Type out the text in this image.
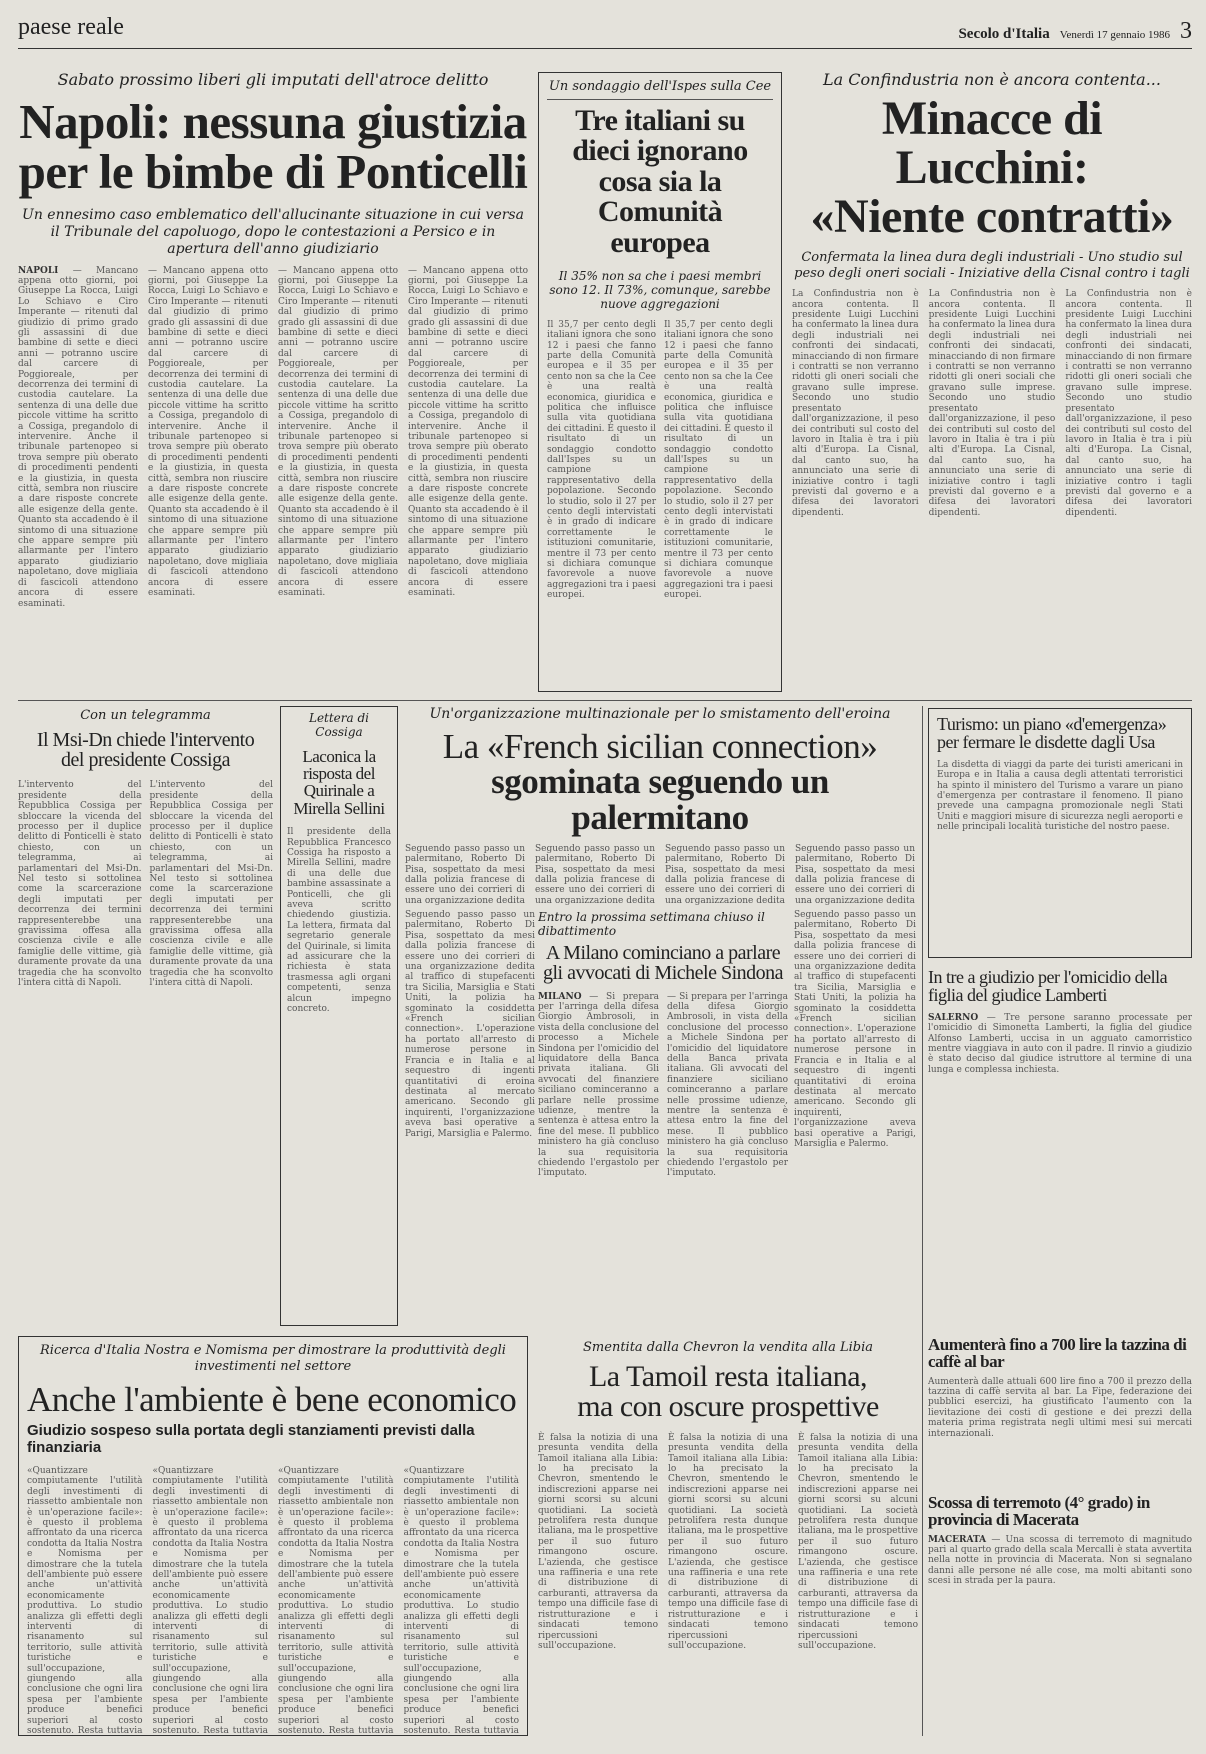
paese reale	Secolo d'Italia Venerdì 17 gennaio 1986 3
Sabato prossimo liberi gli imputati dell'atroce delitto
Napoli: nessuna giustizia
per le bimbe di Ponticelli
Un ennesimo caso emblematico dell'allucinante situazione in cui versa il Tribunale del capoluogo, dopo le contestazioni a Persico e in apertura dell'anno giudiziario
NAPOLI — Mancano appena otto giorni, poi Giuseppe La Rocca, Luigi Lo Schiavo e Ciro Imperante — ritenuti dal giudizio di primo grado gli assassini di due bambine di sette e dieci anni — potranno uscire dal carcere di Poggioreale, per decorrenza dei termini di custodia cautelare. La sentenza di una delle due piccole vittime ha scritto a Cossiga, pregandolo di intervenire. Anche il tribunale partenopeo si trova sempre più oberato di procedimenti pendenti e la giustizia, in questa città, sembra non riuscire a dare risposte concrete alle esigenze della gente. Quanto sta accadendo è il sintomo di una situazione che appare sempre più allarmante per l'intero apparato giudiziario napoletano, dove migliaia di fascicoli attendono ancora di essere esaminati.
— Mancano appena otto giorni, poi Giuseppe La Rocca, Luigi Lo Schiavo e Ciro Imperante — ritenuti dal giudizio di primo grado gli assassini di due bambine di sette e dieci anni — potranno uscire dal carcere di Poggioreale, per decorrenza dei termini di custodia cautelare. La sentenza di una delle due piccole vittime ha scritto a Cossiga, pregandolo di intervenire. Anche il tribunale partenopeo si trova sempre più oberato di procedimenti pendenti e la giustizia, in questa città, sembra non riuscire a dare risposte concrete alle esigenze della gente. Quanto sta accadendo è il sintomo di una situazione che appare sempre più allarmante per l'intero apparato giudiziario napoletano, dove migliaia di fascicoli attendono ancora di essere esaminati.
— Mancano appena otto giorni, poi Giuseppe La Rocca, Luigi Lo Schiavo e Ciro Imperante — ritenuti dal giudizio di primo grado gli assassini di due bambine di sette e dieci anni — potranno uscire dal carcere di Poggioreale, per decorrenza dei termini di custodia cautelare. La sentenza di una delle due piccole vittime ha scritto a Cossiga, pregandolo di intervenire. Anche il tribunale partenopeo si trova sempre più oberato di procedimenti pendenti e la giustizia, in questa città, sembra non riuscire a dare risposte concrete alle esigenze della gente. Quanto sta accadendo è il sintomo di una situazione che appare sempre più allarmante per l'intero apparato giudiziario napoletano, dove migliaia di fascicoli attendono ancora di essere esaminati.
— Mancano appena otto giorni, poi Giuseppe La Rocca, Luigi Lo Schiavo e Ciro Imperante — ritenuti dal giudizio di primo grado gli assassini di due bambine di sette e dieci anni — potranno uscire dal carcere di Poggioreale, per decorrenza dei termini di custodia cautelare. La sentenza di una delle due piccole vittime ha scritto a Cossiga, pregandolo di intervenire. Anche il tribunale partenopeo si trova sempre più oberato di procedimenti pendenti e la giustizia, in questa città, sembra non riuscire a dare risposte concrete alle esigenze della gente. Quanto sta accadendo è il sintomo di una situazione che appare sempre più allarmante per l'intero apparato giudiziario napoletano, dove migliaia di fascicoli attendono ancora di essere esaminati.
Un sondaggio dell'Ispes sulla Cee
Tre italiani su dieci ignorano cosa sia la Comunità europea
Il 35% non sa che i paesi membri sono 12. Il 73%, comunque, sarebbe nuove aggregazioni
Il 35,7 per cento degli italiani ignora che sono 12 i paesi che fanno parte della Comunità europea e il 35 per cento non sa che la Cee è una realtà economica, giuridica e politica che influisce sulla vita quotidiana dei cittadini. È questo il risultato di un sondaggio condotto dall'Ispes su un campione rappresentativo della popolazione. Secondo lo studio, solo il 27 per cento degli intervistati è in grado di indicare correttamente le istituzioni comunitarie, mentre il 73 per cento si dichiara comunque favorevole a nuove aggregazioni tra i paesi europei.
Il 35,7 per cento degli italiani ignora che sono 12 i paesi che fanno parte della Comunità europea e il 35 per cento non sa che la Cee è una realtà economica, giuridica e politica che influisce sulla vita quotidiana dei cittadini. È questo il risultato di un sondaggio condotto dall'Ispes su un campione rappresentativo della popolazione. Secondo lo studio, solo il 27 per cento degli intervistati è in grado di indicare correttamente le istituzioni comunitarie, mentre il 73 per cento si dichiara comunque favorevole a nuove aggregazioni tra i paesi europei.
La Confindustria non è ancora contenta...
Minacce di Lucchini:
«Niente contratti»
Confermata la linea dura degli industriali - Uno studio sul peso degli oneri sociali - Iniziative della Cisnal contro i tagli
La Confindustria non è ancora contenta. Il presidente Luigi Lucchini ha confermato la linea dura degli industriali nei confronti dei sindacati, minacciando di non firmare i contratti se non verranno ridotti gli oneri sociali che gravano sulle imprese. Secondo uno studio presentato dall'organizzazione, il peso dei contributi sul costo del lavoro in Italia è tra i più alti d'Europa. La Cisnal, dal canto suo, ha annunciato una serie di iniziative contro i tagli previsti dal governo e a difesa dei lavoratori dipendenti.
La Confindustria non è ancora contenta. Il presidente Luigi Lucchini ha confermato la linea dura degli industriali nei confronti dei sindacati, minacciando di non firmare i contratti se non verranno ridotti gli oneri sociali che gravano sulle imprese. Secondo uno studio presentato dall'organizzazione, il peso dei contributi sul costo del lavoro in Italia è tra i più alti d'Europa. La Cisnal, dal canto suo, ha annunciato una serie di iniziative contro i tagli previsti dal governo e a difesa dei lavoratori dipendenti.
La Confindustria non è ancora contenta. Il presidente Luigi Lucchini ha confermato la linea dura degli industriali nei confronti dei sindacati, minacciando di non firmare i contratti se non verranno ridotti gli oneri sociali che gravano sulle imprese. Secondo uno studio presentato dall'organizzazione, il peso dei contributi sul costo del lavoro in Italia è tra i più alti d'Europa. La Cisnal, dal canto suo, ha annunciato una serie di iniziative contro i tagli previsti dal governo e a difesa dei lavoratori dipendenti.
Con un telegramma
Il Msi-Dn chiede l'intervento del presidente Cossiga
L'intervento del presidente della Repubblica Cossiga per sbloccare la vicenda del processo per il duplice delitto di Ponticelli è stato chiesto, con un telegramma, ai parlamentari del Msi-Dn. Nel testo si sottolinea come la scarcerazione degli imputati per decorrenza dei termini rappresenterebbe una gravissima offesa alla coscienza civile e alle famiglie delle vittime, già duramente provate da una tragedia che ha sconvolto l'intera città di Napoli.
L'intervento del presidente della Repubblica Cossiga per sbloccare la vicenda del processo per il duplice delitto di Ponticelli è stato chiesto, con un telegramma, ai parlamentari del Msi-Dn. Nel testo si sottolinea come la scarcerazione degli imputati per decorrenza dei termini rappresenterebbe una gravissima offesa alla coscienza civile e alle famiglie delle vittime, già duramente provate da una tragedia che ha sconvolto l'intera città di Napoli.
Lettera di Cossiga
Laconica la risposta del Quirinale a Mirella Sellini
Il presidente della Repubblica Francesco Cossiga ha risposto a Mirella Sellini, madre di una delle due bambine assassinate a Ponticelli, che gli aveva scritto chiedendo giustizia. La lettera, firmata dal segretario generale del Quirinale, si limita ad assicurare che la richiesta è stata trasmessa agli organi competenti, senza alcun impegno concreto.
Un'organizzazione multinazionale per lo smistamento dell'eroina
La «French sicilian connection»
sgominata seguendo un palermitano
Seguendo passo passo un palermitano, Roberto Di Pisa, sospettato da mesi dalla polizia francese di essere uno dei corrieri di una organizzazione dedita
Seguendo passo passo un palermitano, Roberto Di Pisa, sospettato da mesi dalla polizia francese di essere uno dei corrieri di una organizzazione dedita
Seguendo passo passo un palermitano, Roberto Di Pisa, sospettato da mesi dalla polizia francese di essere uno dei corrieri di una organizzazione dedita
Seguendo passo passo un palermitano, Roberto Di Pisa, sospettato da mesi dalla polizia francese di essere uno dei corrieri di una organizzazione dedita
Seguendo passo passo un palermitano, Roberto Di Pisa, sospettato da mesi dalla polizia francese di essere uno dei corrieri di una organizzazione dedita al traffico di stupefacenti tra Sicilia, Marsiglia e Stati Uniti, la polizia ha sgominato la cosiddetta «French sicilian connection». L'operazione ha portato all'arresto di numerose persone in Francia e in Italia e al sequestro di ingenti quantitativi di eroina destinata al mercato americano. Secondo gli inquirenti, l'organizzazione aveva basi operative a Parigi, Marsiglia e Palermo.
Entro la prossima settimana chiuso il dibattimento
A Milano cominciano a parlare gli avvocati di Michele Sindona
MILANO — Si prepara per l'arringa della difesa Giorgio Ambrosoli, in vista della conclusione del processo a Michele Sindona per l'omicidio del liquidatore della Banca privata italiana. Gli avvocati del finanziere siciliano cominceranno a parlare nelle prossime udienze, mentre la sentenza è attesa entro la fine del mese. Il pubblico ministero ha già concluso la sua requisitoria chiedendo l'ergastolo per l'imputato.
— Si prepara per l'arringa della difesa Giorgio Ambrosoli, in vista della conclusione del processo a Michele Sindona per l'omicidio del liquidatore della Banca privata italiana. Gli avvocati del finanziere siciliano cominceranno a parlare nelle prossime udienze, mentre la sentenza è attesa entro la fine del mese. Il pubblico ministero ha già concluso la sua requisitoria chiedendo l'ergastolo per l'imputato.
Seguendo passo passo un palermitano, Roberto Di Pisa, sospettato da mesi dalla polizia francese di essere uno dei corrieri di una organizzazione dedita al traffico di stupefacenti tra Sicilia, Marsiglia e Stati Uniti, la polizia ha sgominato la cosiddetta «French sicilian connection». L'operazione ha portato all'arresto di numerose persone in Francia e in Italia e al sequestro di ingenti quantitativi di eroina destinata al mercato americano. Secondo gli inquirenti, l'organizzazione aveva basi operative a Parigi, Marsiglia e Palermo.
Turismo: un piano «d'emergenza» per fermare le disdette dagli Usa
La disdetta di viaggi da parte dei turisti americani in Europa e in Italia a causa degli attentati terroristici ha spinto il ministero del Turismo a varare un piano d'emergenza per contrastare il fenomeno. Il piano prevede una campagna promozionale negli Stati Uniti e maggiori misure di sicurezza negli aeroporti e nelle principali località turistiche del nostro paese.
In tre a giudizio per l'omicidio della figlia del giudice Lamberti
SALERNO — Tre persone saranno processate per l'omicidio di Simonetta Lamberti, la figlia del giudice Alfonso Lamberti, uccisa in un agguato camorristico mentre viaggiava in auto con il padre. Il rinvio a giudizio è stato deciso dal giudice istruttore al termine di una lunga e complessa inchiesta.
Ricerca d'Italia Nostra e Nomisma per dimostrare la produttività degli investimenti nel settore
Anche l'ambiente è bene economico
Giudizio sospeso sulla portata degli stanziamenti previsti dalla finanziaria
«Quantizzare compiutamente l'utilità degli investimenti di riassetto ambientale non è un'operazione facile»: è questo il problema affrontato da una ricerca condotta da Italia Nostra e Nomisma per dimostrare che la tutela dell'ambiente può essere anche un'attività economicamente produttiva. Lo studio analizza gli effetti degli interventi di risanamento sul territorio, sulle attività turistiche e sull'occupazione, giungendo alla conclusione che ogni lira spesa per l'ambiente produce benefici superiori al costo sostenuto. Resta tuttavia
«Quantizzare compiutamente l'utilità degli investimenti di riassetto ambientale non è un'operazione facile»: è questo il problema affrontato da una ricerca condotta da Italia Nostra e Nomisma per dimostrare che la tutela dell'ambiente può essere anche un'attività economicamente produttiva. Lo studio analizza gli effetti degli interventi di risanamento sul territorio, sulle attività turistiche e sull'occupazione, giungendo alla conclusione che ogni lira spesa per l'ambiente produce benefici superiori al costo sostenuto. Resta tuttavia
«Quantizzare compiutamente l'utilità degli investimenti di riassetto ambientale non è un'operazione facile»: è questo il problema affrontato da una ricerca condotta da Italia Nostra e Nomisma per dimostrare che la tutela dell'ambiente può essere anche un'attività economicamente produttiva. Lo studio analizza gli effetti degli interventi di risanamento sul territorio, sulle attività turistiche e sull'occupazione, giungendo alla conclusione che ogni lira spesa per l'ambiente produce benefici superiori al costo sostenuto. Resta tuttavia
«Quantizzare compiutamente l'utilità degli investimenti di riassetto ambientale non è un'operazione facile»: è questo il problema affrontato da una ricerca condotta da Italia Nostra e Nomisma per dimostrare che la tutela dell'ambiente può essere anche un'attività economicamente produttiva. Lo studio analizza gli effetti degli interventi di risanamento sul territorio, sulle attività turistiche e sull'occupazione, giungendo alla conclusione che ogni lira spesa per l'ambiente produce benefici superiori al costo sostenuto. Resta tuttavia
Smentita dalla Chevron la vendita alla Libia
La Tamoil resta italiana,
ma con oscure prospettive
È falsa la notizia di una presunta vendita della Tamoil italiana alla Libia: lo ha precisato la Chevron, smentendo le indiscrezioni apparse nei giorni scorsi su alcuni quotidiani. La società petrolifera resta dunque italiana, ma le prospettive per il suo futuro rimangono oscure. L'azienda, che gestisce una raffineria e una rete di distribuzione di carburanti, attraversa da tempo una difficile fase di ristrutturazione e i sindacati temono ripercussioni sull'occupazione.
È falsa la notizia di una presunta vendita della Tamoil italiana alla Libia: lo ha precisato la Chevron, smentendo le indiscrezioni apparse nei giorni scorsi su alcuni quotidiani. La società petrolifera resta dunque italiana, ma le prospettive per il suo futuro rimangono oscure. L'azienda, che gestisce una raffineria e una rete di distribuzione di carburanti, attraversa da tempo una difficile fase di ristrutturazione e i sindacati temono ripercussioni sull'occupazione.
È falsa la notizia di una presunta vendita della Tamoil italiana alla Libia: lo ha precisato la Chevron, smentendo le indiscrezioni apparse nei giorni scorsi su alcuni quotidiani. La società petrolifera resta dunque italiana, ma le prospettive per il suo futuro rimangono oscure. L'azienda, che gestisce una raffineria e una rete di distribuzione di carburanti, attraversa da tempo una difficile fase di ristrutturazione e i sindacati temono ripercussioni sull'occupazione.
Aumenterà fino a 700 lire la tazzina di caffè al bar
Aumenterà dalle attuali 600 lire fino a 700 il prezzo della tazzina di caffè servita al bar. La Fipe, federazione dei pubblici esercizi, ha giustificato l'aumento con la lievitazione dei costi di gestione e dei prezzi della materia prima registrata negli ultimi mesi sui mercati internazionali.
Scossa di terremoto (4° grado) in provincia di Macerata
MACERATA — Una scossa di terremoto di magnitudo pari al quarto grado della scala Mercalli è stata avvertita nella notte in provincia di Macerata. Non si segnalano danni alle persone né alle cose, ma molti abitanti sono scesi in strada per la paura.
